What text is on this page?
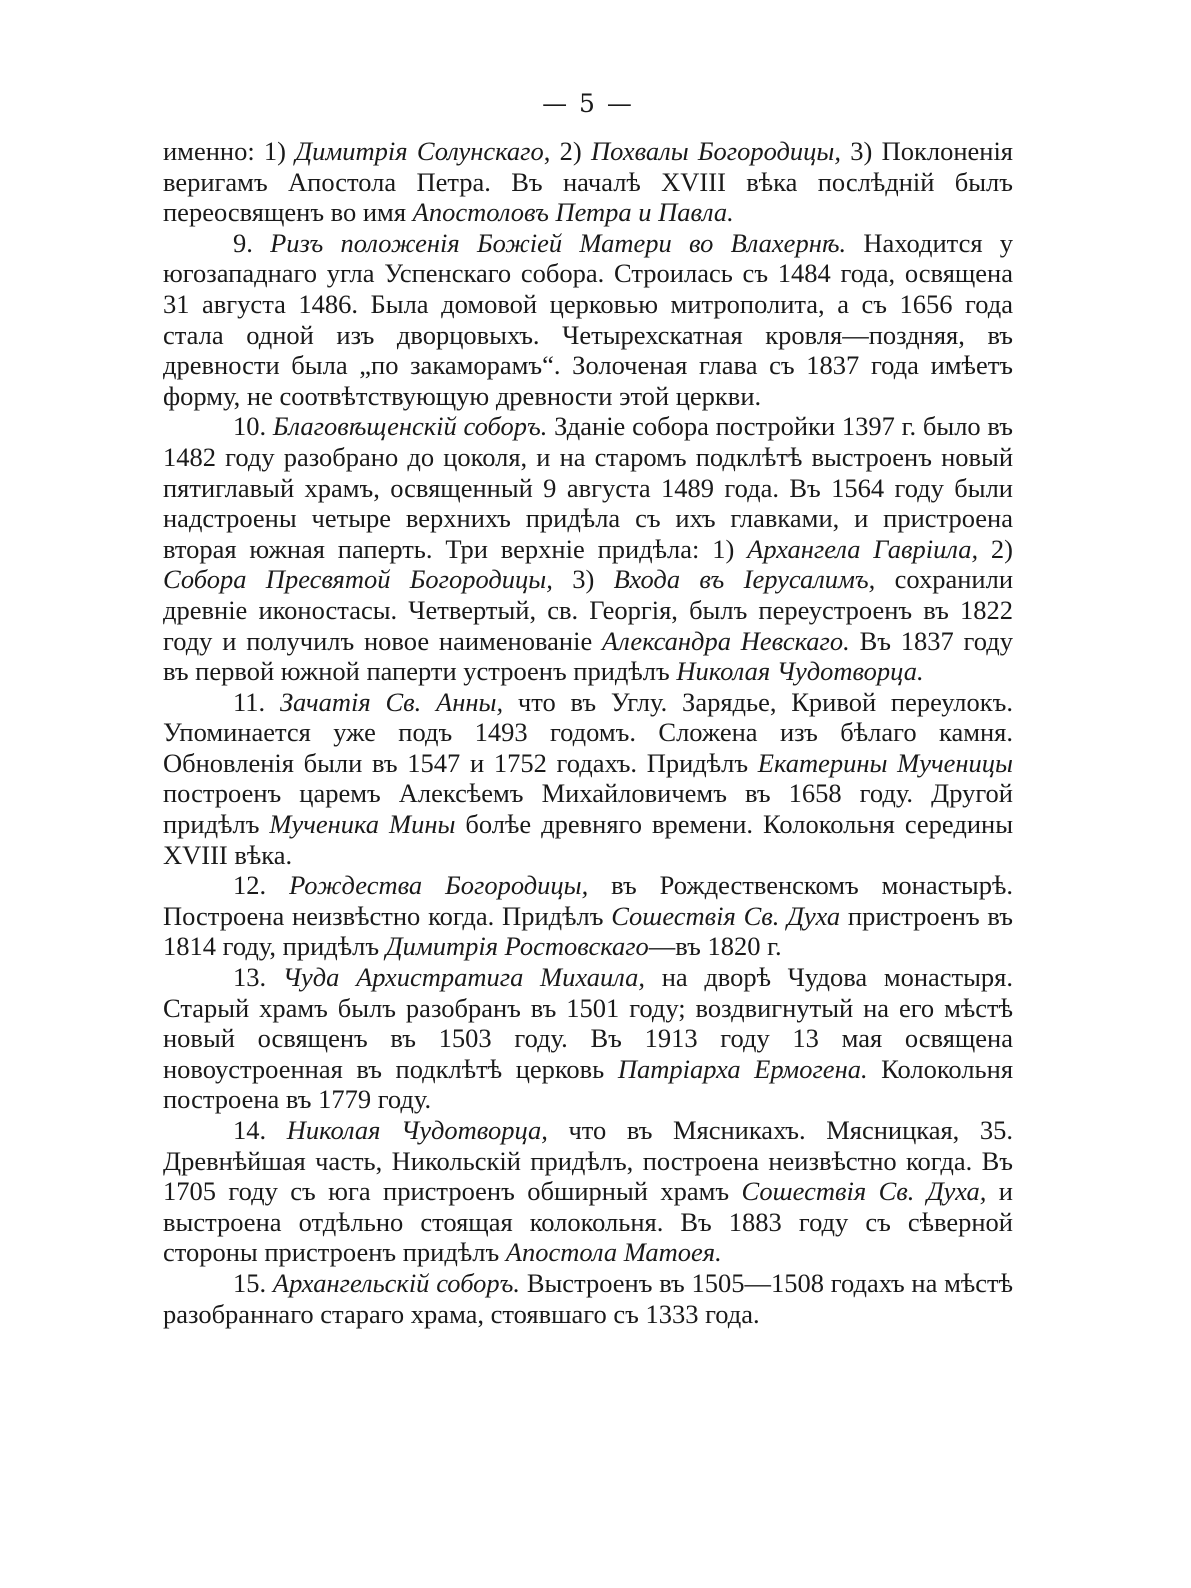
— 5 —

именно: 1) Димитрія Солунскаго, 2) Похвалы Богородицы, 3) Поклоненія веригамъ Апостола Петра. Въ началѣ XVIII вѣка послѣдній былъ переосвященъ во имя Апостоловъ Петра и Павла.

9. Ризъ положенія Божіей Матери во Влахернѣ. Находится у югозападнаго угла Успенскаго собора. Строилась съ 1484 года, освящена 31 августа 1486. Была домовой церковью митрополита, а съ 1656 года стала одной изъ дворцовыхъ. Четырехскатная кровля—поздняя, въ древности была „по закаморамъ“. Золоченая глава съ 1837 года имѣетъ форму, не соотвѣтствующую древности этой церкви.

10. Благовѣщенскій соборъ. Зданіе собора постройки 1397 г. было въ 1482 году разобрано до цоколя, и на старомъ подклѣтѣ выстроенъ новый пятиглавый храмъ, освященный 9 августа 1489 года. Въ 1564 году были надстроены четыре верхнихъ придѣла съ ихъ главками, и пристроена вторая южная паперть. Три верхніе придѣла: 1) Архангела Гавріила, 2) Собора Пресвятой Богородицы, 3) Входа въ Іерусалимъ, сохранили древніе иконостасы. Четвертый, св. Георгія, былъ переустроенъ въ 1822 году и получилъ новое наименованіе Александра Невскаго. Въ 1837 году въ первой южной паперти устроенъ придѣлъ Николая Чудотворца.

11. Зачатія Св. Анны, что въ Углу. Зарядье, Кривой переулокъ. Упоминается уже подъ 1493 годомъ. Сложена изъ бѣлаго камня. Обновленія были въ 1547 и 1752 годахъ. Придѣлъ Екатерины Мученицы построенъ царемъ Алексѣемъ Михайловичемъ въ 1658 году. Другой придѣлъ Мученика Мины болѣе древняго времени. Колокольня середины XVIII вѣка.

12. Рождества Богородицы, въ Рождественскомъ монастырѣ. Построена неизвѣстно когда. Придѣлъ Сошествія Св. Духа пристроенъ въ 1814 году, придѣлъ Димитрія Ростовскаго—въ 1820 г.

13. Чуда Архистратига Михаила, на дворѣ Чудова монастыря. Старый храмъ былъ разобранъ въ 1501 году; воздвигнутый на его мѣстѣ новый освященъ въ 1503 году. Въ 1913 году 13 мая освящена новоустроенная въ подклѣтѣ церковь Патріарха Ермогена. Колокольня построена въ 1779 году.

14. Николая Чудотворца, что въ Мясникахъ. Мясницкая, 35. Древнѣйшая часть, Никольскій придѣлъ, построена неизвѣстно когда. Въ 1705 году съ юга пристроенъ обширный храмъ Сошествія Св. Духа, и выстроена отдѣльно стоящая колокольня. Въ 1883 году съ сѣверной стороны пристроенъ придѣлъ Апостола Матоея.

15. Архангельскій соборъ. Выстроенъ въ 1505—1508 годахъ на мѣстѣ разобраннаго стараго храма, стоявшаго съ 1333 года.
